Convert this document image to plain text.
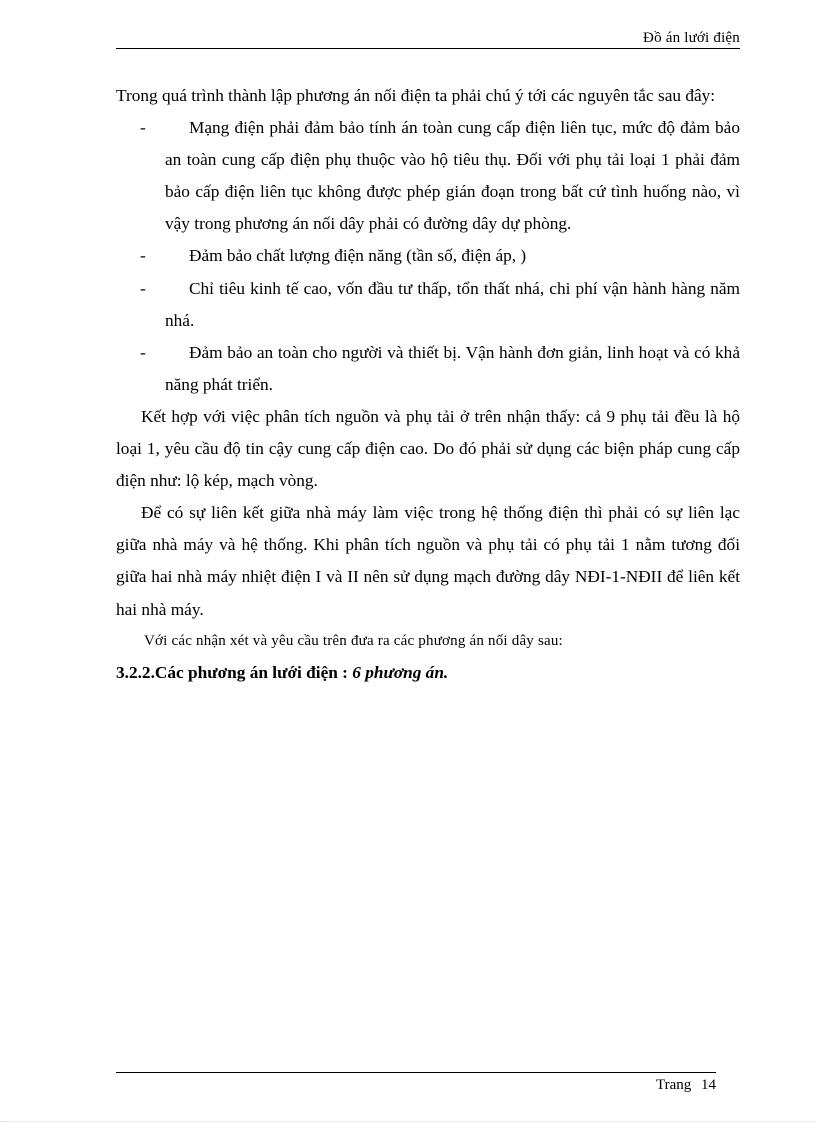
Đồ án lưới điện

Trong quá trình thành lập phương án nối điện ta phải chú ý tới các nguyên tắc sau đây:

-	Mạng điện phải đảm bảo tính án toàn cung cấp điện liên tục, mức độ đảm bảo an toàn cung cấp điện phụ thuộc vào hộ tiêu thụ. Đối với phụ tải loại 1 phải đảm bảo cấp điện liên tục không được phép gián đoạn trong bất cứ tình huống nào, vì vậy trong phương án nối dây phải có đường dây dự phòng.
-	Đảm bảo chất lượng điện năng (tần số, điện áp, )
-	Chỉ tiêu kinh tế cao, vốn đầu tư thấp, tổn thất nhá, chi phí vận hành hàng năm nhá.
-	Đảm bảo an toàn cho người và thiết bị. Vận hành đơn giản, linh hoạt và có khả năng phát triển.

Kết hợp với việc phân tích nguồn và phụ tải ở trên nhận thấy: cả 9 phụ tải đều là hộ loại 1, yêu cầu độ tin cậy cung cấp điện cao. Do đó phải sử dụng các biện pháp cung cấp điện như: lộ kép, mạch vòng.

Để có sự liên kết giữa nhà máy làm việc trong hệ thống điện thì phải có sự liên lạc giữa nhà máy và hệ thống. Khi phân tích nguồn và phụ tải có phụ tải 1 nằm tương đối giữa hai nhà máy nhiệt điện I và II nên sử dụng mạch đường dây NĐI-1-NĐII để liên kết hai nhà máy.

Với các nhận xét và yêu cầu trên đưa ra các phương án nối dây sau:

3.2.2.Các phương án lưới điện : 6 phương án.

Trang 14
